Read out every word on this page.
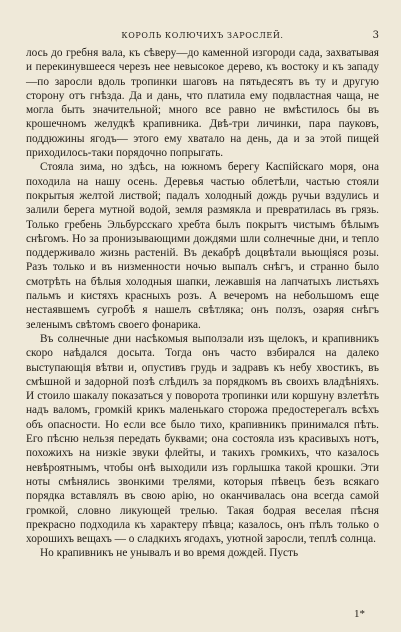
КОРОЛЬ КОЛЮЧИХЪ ЗАРОСЛЕЙ.	3

лось до гребня вала, къ сѣверу—до каменной изгороди сада, захватывая и перекинувшееся черезъ нее невысокое дерево, къ востоку и къ западу—по заросли вдоль тропинки шаговъ на пятьдесятъ въ ту и другую сторону отъ гнѣзда. Да и дань, что платила ему подвластная чаща, не могла быть значительной; много все равно не вмѣстилось бы въ крошечномъ желудкѣ крапивника. Двѣ-три личинки, пара пауковъ, поддюжины ягодъ— этого ему хватало на день, да и за этой пищей приходилось-таки порядочно попрыгать.

Стояла зима, но здѣсь, на южномъ берегу Каспійскаго моря, она походила на нашу осень. Деревья частью облетѣли, частью стояли покрытыя желтой листвой; падалъ холодный дождь ручьи вздулись и залили берега мутной водой, земля размякла и превратилась въ грязь. Только гребень Эльбурсскаго хребта былъ покрытъ чистымъ бѣлымъ снѣгомъ. Но за пронизывающими дождями шли солнечные дни, и тепло поддерживало жизнь растеній. Въ декабрѣ доцвѣтали вьющіяся розы. Разъ только и въ низменности ночью выпалъ снѣгъ, и странно было смотрѣть на бѣлыя холодныя шапки, лежавшія на лапчатыхъ листьяхъ пальмъ и кистяхъ красныхъ розъ. А вечеромъ на небольшомъ еще нестаявшемъ сугробѣ я нашелъ свѣтляка; онъ ползъ, озаряя снѣгъ зеленымъ свѣтомъ своего фонарика.

Въ солнечные дни насѣкомыя выползали изъ щелокъ, и крапивникъ скоро наѣдался досыта. Тогда онъ часто взбирался на далеко выступающія вѣтви и, опустивъ грудь и задравъ къ небу хвостикъ, въ смѣшной и задорной позѣ слѣдилъ за порядкомъ въ своихъ владѣніяхъ. И стоило шакалу показаться у поворота тропинки или коршуну взлетѣть надъ валомъ, громкій крикъ маленькаго сторожа предостерегалъ всѣхъ объ опасности. Но если все было тихо, крапивникъ принимался пѣть. Его пѣсню нельзя передать буквами; она состояла изъ красивыхъ нотъ, похожихъ на низкіе звуки флейты, и такихъ громкихъ, что казалось невѣроятнымъ, чтобы онѣ выходили изъ горлышка такой крошки. Эти ноты смѣнялись звонкими трелями, которыя пѣвецъ безъ всякаго порядка вставлялъ въ свою арію, но оканчивалась она всегда самой громкой, словно ликующей трелью. Такая бодрая веселая пѣсня прекрасно подходила къ характеру пѣвца; казалось, онъ пѣлъ только о хорошихъ вещахъ — о сладкихъ ягодахъ, уютной заросли, теплѣ солнца.

Но крапивникъ не унывалъ и во время дождей. Пусть

1*
